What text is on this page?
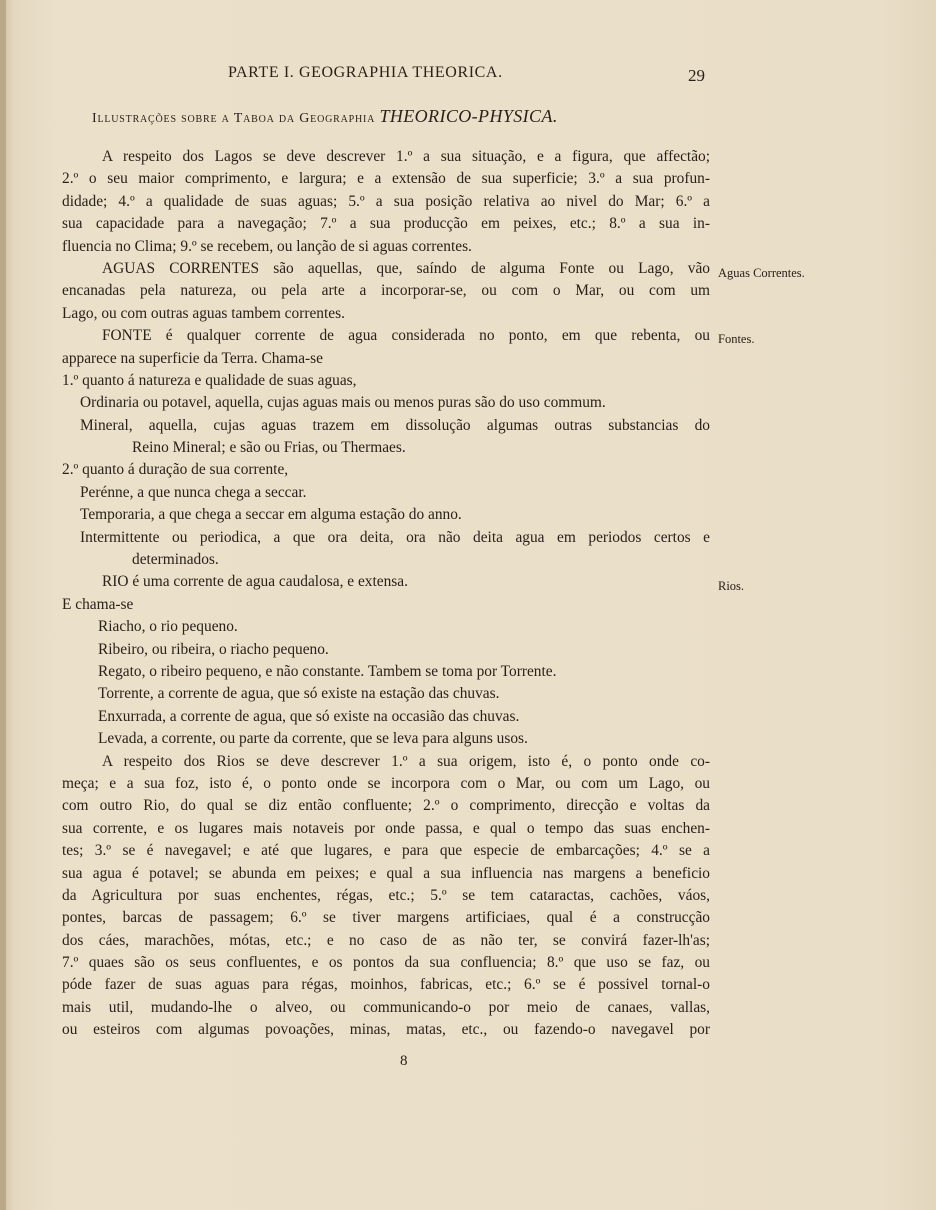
PARTE I. GEOGRAPHIA THEORICA.	29
Illustrações sobre a Taboa da Geographia THEORICO-PHYSICA.
A respeito dos Lagos se deve descrever 1.º a sua situação, e a figura, que affectão;
2.º o seu maior comprimento, e largura; e a extensão de sua superficie; 3.º a sua profun-
didade; 4.º a qualidade de suas aguas; 5.º a sua posição relativa ao nivel do Mar; 6.º a
sua capacidade para a navegação; 7.º a sua producção em peixes, etc.; 8.º a sua in-
fluencia no Clima; 9.º se recebem, ou lanção de si aguas correntes.
AGUAS CORRENTES são aquellas, que, saíndo de alguma Fonte ou Lago, vão
encanadas pela natureza, ou pela arte a incorporar-se, ou com o Mar, ou com um
Lago, ou com outras aguas tambem correntes.
FONTE é qualquer corrente de agua considerada no ponto, em que rebenta, ou
apparece na superficie da Terra. Chama-se
1.º quanto á natureza e qualidade de suas aguas,
Ordinaria ou potavel, aquella, cujas aguas mais ou menos puras são do uso commum.
Mineral, aquella, cujas aguas trazem em dissolução algumas outras substancias do
Reino Mineral; e são ou Frias, ou Thermaes.
2.º quanto á duração de sua corrente,
Perénne, a que nunca chega a seccar.
Temporaria, a que chega a seccar em alguma estação do anno.
Intermittente ou periodica, a que ora deita, ora não deita agua em periodos certos e
determinados.
RIO é uma corrente de agua caudalosa, e extensa.
E chama-se
Riacho, o rio pequeno.
Ribeiro, ou ribeira, o riacho pequeno.
Regato, o ribeiro pequeno, e não constante. Tambem se toma por Torrente.
Torrente, a corrente de agua, que só existe na estação das chuvas.
Enxurrada, a corrente de agua, que só existe na occasião das chuvas.
Levada, a corrente, ou parte da corrente, que se leva para alguns usos.
A respeito dos Rios se deve descrever 1.º a sua origem, isto é, o ponto onde co-
meça; e a sua foz, isto é, o ponto onde se incorpora com o Mar, ou com um Lago, ou
com outro Rio, do qual se diz então confluente; 2.º o comprimento, direcção e voltas da
sua corrente, e os lugares mais notaveis por onde passa, e qual o tempo das suas enchen-
tes; 3.º se é navegavel; e até que lugares, e para que especie de embarcações; 4.º se a
sua agua é potavel; se abunda em peixes; e qual a sua influencia nas margens a beneficio
da Agricultura por suas enchentes, régas, etc.; 5.º se tem cataractas, cachões, váos,
pontes, barcas de passagem; 6.º se tiver margens artificiaes, qual é a construcção
dos cáes, marachões, mótas, etc.; e no caso de as não ter, se convirá fazer-lh'as;
7.º quaes são os seus confluentes, e os pontos da sua confluencia; 8.º que uso se faz, ou
póde fazer de suas aguas para régas, moinhos, fabricas, etc.; 6.º se é possivel tornal-o
mais util, mudando-lhe o alveo, ou communicando-o por meio de canaes, vallas,
ou esteiros com algumas povoações, minas, matas, etc., ou fazendo-o navegavel por
Aguas Correntes.
Fontes.
Rios.
8
